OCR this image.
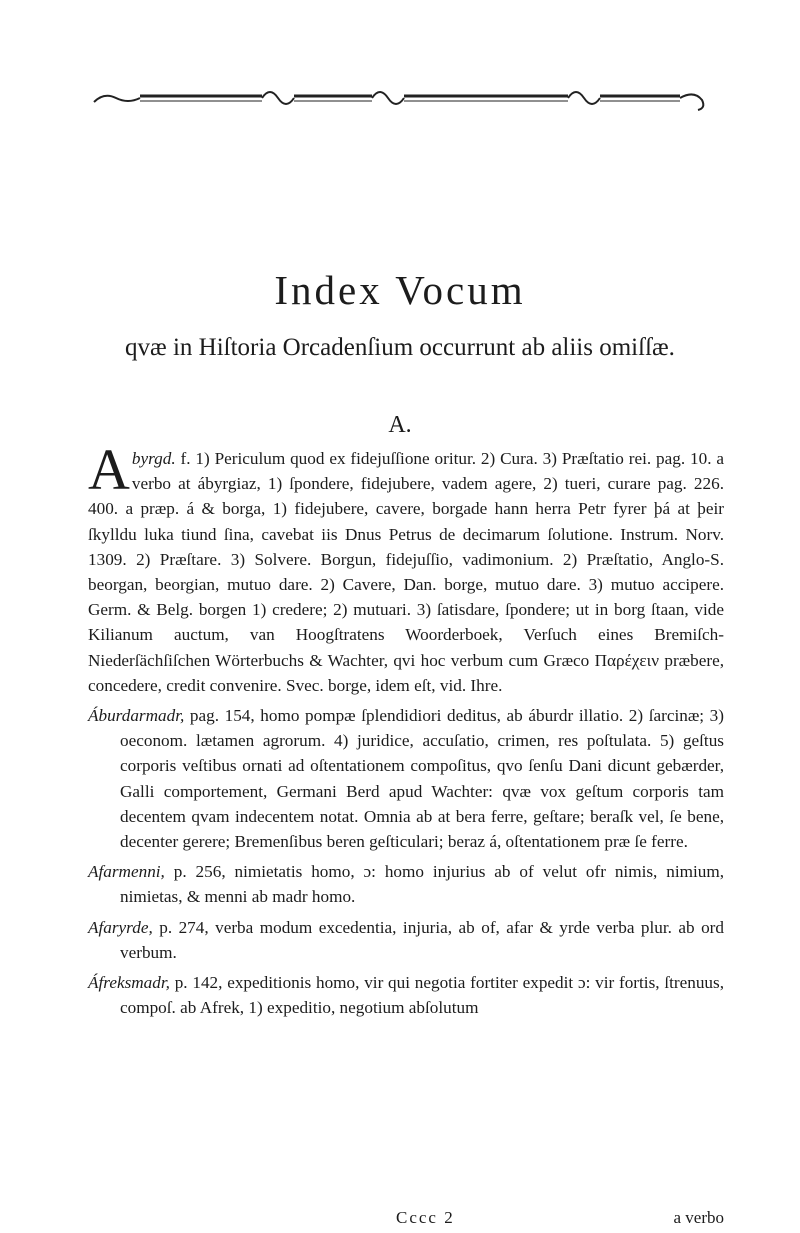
Index Vocum
qvæ in Hiſtoria Orcadenſium occurrunt ab aliis omiſſæ.
A.

Abyrgd. f. 1) Periculum quod ex fidejuſſione oritur. 2) Cura. 3) Præſtatio rei. pag. 10. a verbo at ábyrgiaz, 1) ſpondere, fidejubere, vadem agere, 2) tueri, curare pag. 226. 400. a præp. á & borga, 1) fidejubere, cavere, borgade hann herra Petr fyrer þá at þeir ſkylldu luka tiund ſina, cavebat iis Dnus Petrus de decimarum ſolutione. Instrum. Norv. 1309. 2) Præſtare. 3) Solvere. Borgun, fidejuſſio, vadimonium. 2) Præſtatio, Anglo-S. beorgan, beorgian, mutuo dare. 2) Cavere, Dan. borge, mutuo dare. 3) mutuo accipere. Germ. & Belg. borgen 1) credere; 2) mutuari. 3) ſatisdare, ſpondere; ut in borg ſtaan, vide Kilianum auctum, van Hoogſtratens Woorderboek, Verſuch eines Bremiſch-Niederſächſiſchen Wörterbuchs & Wachter, qvi hoc verbum cum Græco Παρέχειν præbere, concedere, credit convenire. Svec. borge, idem eſt, vid. Ihre.

Áburdarmadr, pag. 154, homo pompæ ſplendidiori deditus, ab áburdr illatio. 2) ſarcinæ; 3) oeconom. lætamen agrorum. 4) juridice, accuſatio, crimen, res poſtulata. 5) geſtus corporis veſtibus ornati ad oſtentationem compoſitus, qvo ſenſu Dani dicunt gebærder, Galli comportement, Germani Berd apud Wachter: qvæ vox geſtum corporis tam decentem qvam indecentem notat. Omnia ab at bera ferre, geſtare; beraſk vel, ſe bene, decenter gerere; Bremenſibus beren geſticulari; beraz á, oſtentationem præ ſe ferre.

Afarmenni, p. 256, nimietatis homo, ɔ: homo injurius ab of velut ofr nimis, nimium, nimietas, & menni ab madr homo.

Afaryrde, p. 274, verba modum excedentia, injuria, ab of, afar & yrde verba plur. ab ord verbum.

Áfreksmadr, p. 142, expeditionis homo, vir qui negotia fortiter expedit ɔ: vir fortis, ſtrenuus, compoſ. ab Afrek, 1) expeditio, negotium abſolutum

Cccc 2	a verbo
